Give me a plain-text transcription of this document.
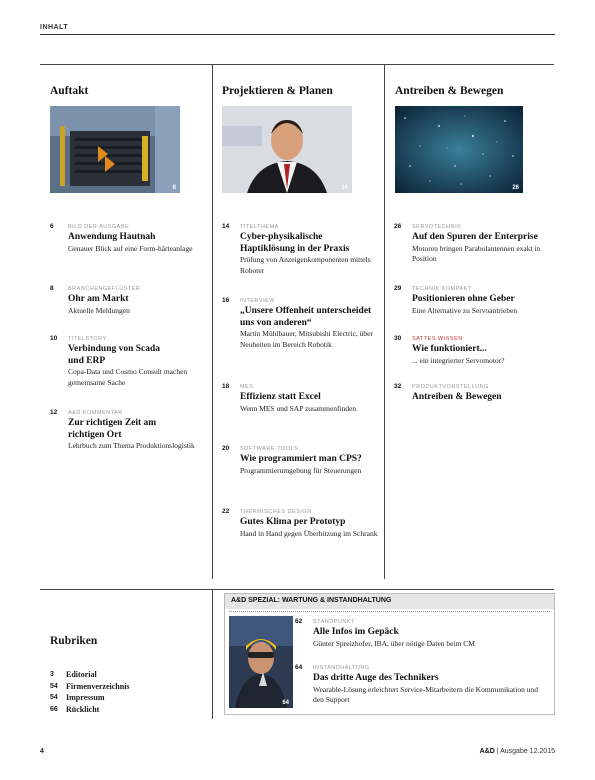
INHALT
Auftakt	Projektieren & Planen	Antreiben & Bewegen
6	16	26
6	BILD DER AUSGABE
Anwendung Hautnah
Genauer Blick auf eine Form-härteanlage
8	BRANCHENGEFLÜSTER
Ohr am Markt
Aktuelle Meldungen
10 TITELSTORY
Verbindung von Scada und ERP
Copa-Data und Cosmo Consult machen gemeinsame Sache
12 A&D KOMMENTAR
Zur richtigen Zeit am richtigen Ort
Lehrbuch zum Thema Produktionslogistik
14 TITELTHEMA
Cyber-physikalische Haptiklösung in der Praxis
Prüfung von Anzeigenkomponenten mittels Roboter
16 INTERVIEW
„Unsere Offenheit unterscheidet uns von anderen“
Martin Mühlbauer, Mitsubishi Electric, über Neuheiten im Bereich Robotik
18 MES
Effizienz statt Excel
Wenn MES und SAP zusammenfinden
20 SOFTWARE-TOOLS
Wie programmiert man CPS?
Programmierumgebung für Steuerungen
22 THERMISCHES DESIGN
Gutes Klima per Prototyp
Hand in Hand gegen Überhitzung im Schrank
26 SERVOTECHNIK
Auf den Spuren der Enterprise
Motoren bringen Parabolantennen exakt in Position
29 TECHNIK KOMPAKT
Positionieren ohne Geber
Eine Alternative zu Servoantrieben
30 SATTES WISSEN
Wie funktioniert...
... ein integrierter Servomotor?
32 PRODUKTVORSTELLUNG
Antreiben & Bewegen
Rubriken
3	Editorial
54	Firmenverzeichnis
54	Impressum
66	Rücklicht
A&D SPEZIAL: WARTUNG & INSTANDHALTUNG
64
62 STANDPUNKT
Alle Infos im Gepäck
Günter Spreizhofer, IBA, über nötige Daten beim CM
64 INSTANDHALTUNG
Das dritte Auge des Technikers
Wearable-Lösung erleichtert Service-Mitarbeitern die Kommunikation und den Support
4	A&D | Ausgabe 12.2015
